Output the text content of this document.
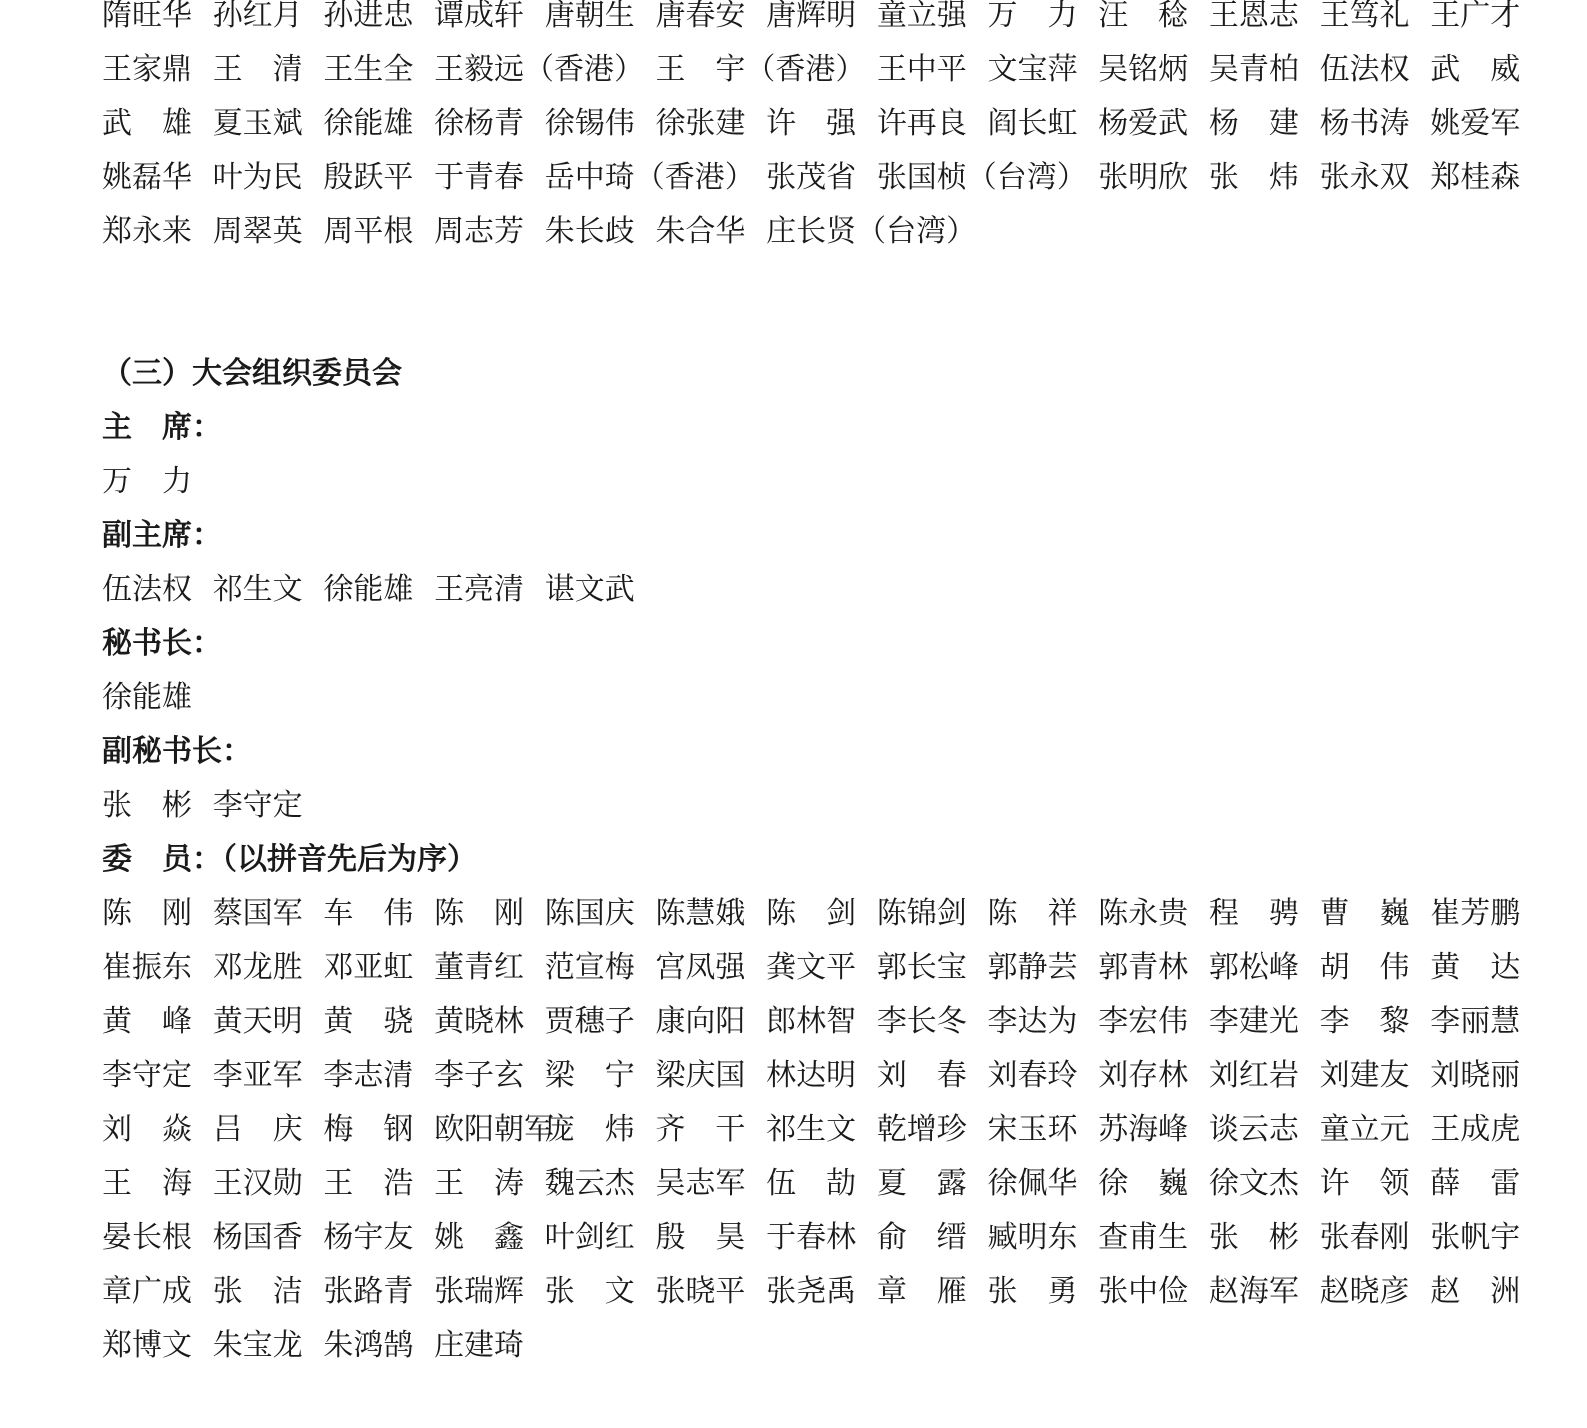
隋旺华 孙红月 孙进忠 谭成轩 唐朝生 唐春安 唐辉明 童立强 万　力 汪　稔 王恩志 王笃礼 王广才
王家鼎 王　清 王生全 王毅远（香港） 王　宇（香港） 王中平 文宝萍 吴铭炳 吴青柏 伍法权 武　威
武　雄 夏玉斌 徐能雄 徐杨青 徐锡伟 徐张建 许　强 许再良 阎长虹 杨爱武 杨　建 杨书涛 姚爱军
姚磊华 叶为民 殷跃平 于青春 岳中琦（香港） 张茂省 张国桢（台湾） 张明欣 张　炜 张永双 郑桂森
郑永来 周翠英 周平根 周志芳 朱长歧 朱合华 庄长贤（台湾）
（三）大会组织委员会
主　席：
万　力
副主席：
伍法权 祁生文 徐能雄 王亮清 谌文武
秘书长：
徐能雄
副秘书长：
张　彬 李守定
委　员：（以拼音先后为序）
陈　刚 蔡国军 车　伟 陈　刚 陈国庆 陈慧娥 陈　剑 陈锦剑 陈　祥 陈永贵 程　骋 曹　巍 崔芳鹏
崔振东 邓龙胜 邓亚虹 董青红 范宣梅 宫凤强 龚文平 郭长宝 郭静芸 郭青林 郭松峰 胡　伟 黄　达
黄　峰 黄天明 黄　骁 黄晓林 贾穗子 康向阳 郎林智 李长冬 李达为 李宏伟 李建光 李　黎 李丽慧
李守定 李亚军 李志清 李子玄 梁　宁 梁庆国 林达明 刘　春 刘春玲 刘存林 刘红岩 刘建友 刘晓丽
刘　焱 吕　庆 梅　钢 欧阳朝军
庞　炜 齐　干 祁生文 乾增珍 宋玉环 苏海峰 谈云志 童立元 王成虎
王　海 王汉勋 王　浩 王　涛 魏云杰 吴志军 伍　劼 夏　露 徐佩华 徐　巍 徐文杰 许　领 薛　雷
晏长根 杨国香 杨宇友 姚　鑫 叶剑红 殷　昊 于春林 俞　缙 臧明东 查甫生 张　彬 张春刚 张帆宇
章广成 张　洁 张路青 张瑞辉 张　文 张晓平 张尧禹 章　雁 张　勇 张中俭 赵海军 赵晓彦 赵　洲
郑博文 朱宝龙 朱鸿鹄 庄建琦
